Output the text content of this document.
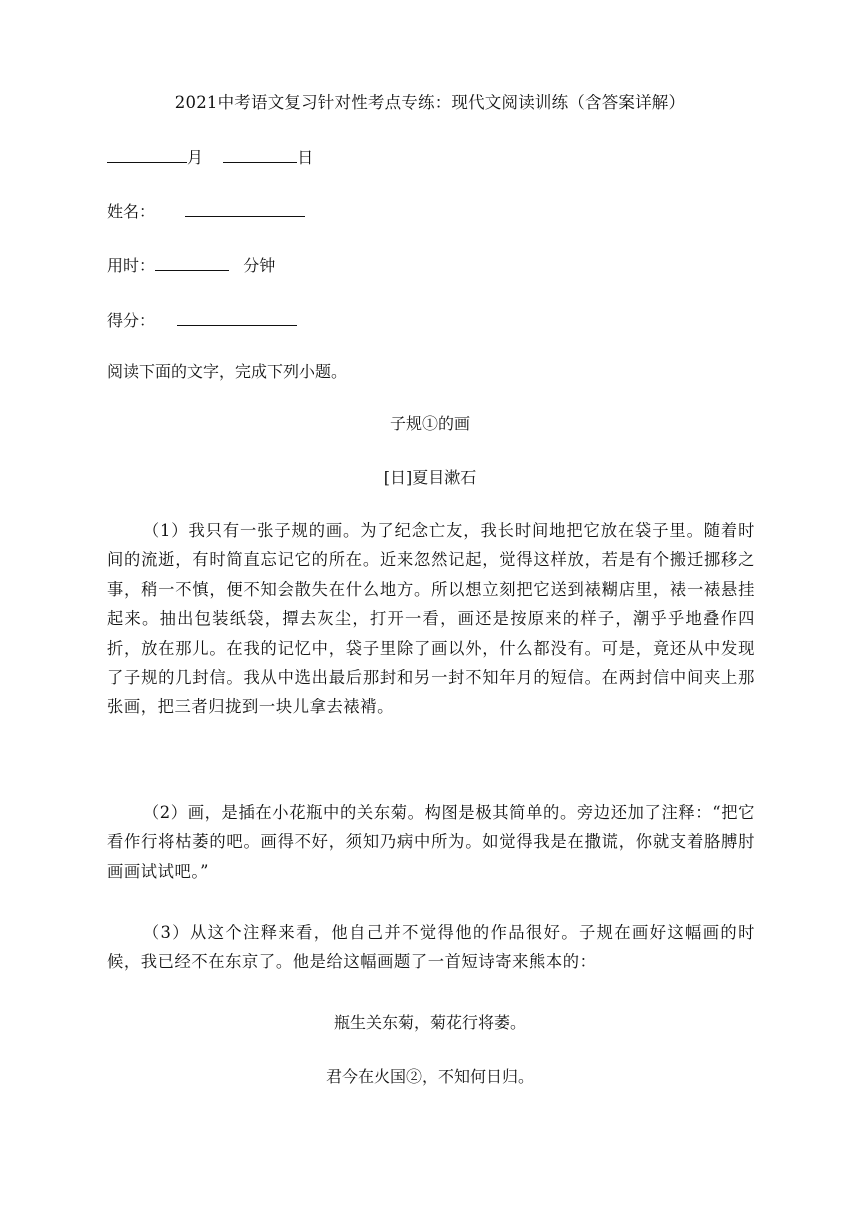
2021中考语文复习针对性考点专练：现代文阅读训练（含答案详解）
月	日
姓名：
用时：	分钟
得分：
阅读下面的文字，完成下列小题。
子规①的画
[日]夏目漱石
（1）我只有一张子规的画。为了纪念亡友，我长时间地把它放在袋子里。随着时间的流逝，有时简直忘记它的所在。近来忽然记起，觉得这样放，若是有个搬迁挪移之事，稍一不慎，便不知会散失在什么地方。所以想立刻把它送到裱糊店里，裱一裱悬挂起来。抽出包装纸袋，撢去灰尘，打开一看，画还是按原来的样子，潮乎乎地叠作四折，放在那儿。在我的记忆中，袋子里除了画以外，什么都没有。可是，竟还从中发现了子规的几封信。我从中选出最后那封和另一封不知年月的短信。在两封信中间夹上那张画，把三者归拢到一块儿拿去裱褙。
（2）画，是插在小花瓶中的关东菊。构图是极其简单的。旁边还加了注释：“把它看作行将枯萎的吧。画得不好，须知乃病中所为。如觉得我是在撒谎，你就支着胳膊肘画画试试吧。”
（3）从这个注释来看，他自己并不觉得他的作品很好。子规在画好这幅画的时候，我已经不在东京了。他是给这幅画题了一首短诗寄来熊本的：
瓶生关东菊，菊花行将萎。
君今在火国②，不知何日归。
